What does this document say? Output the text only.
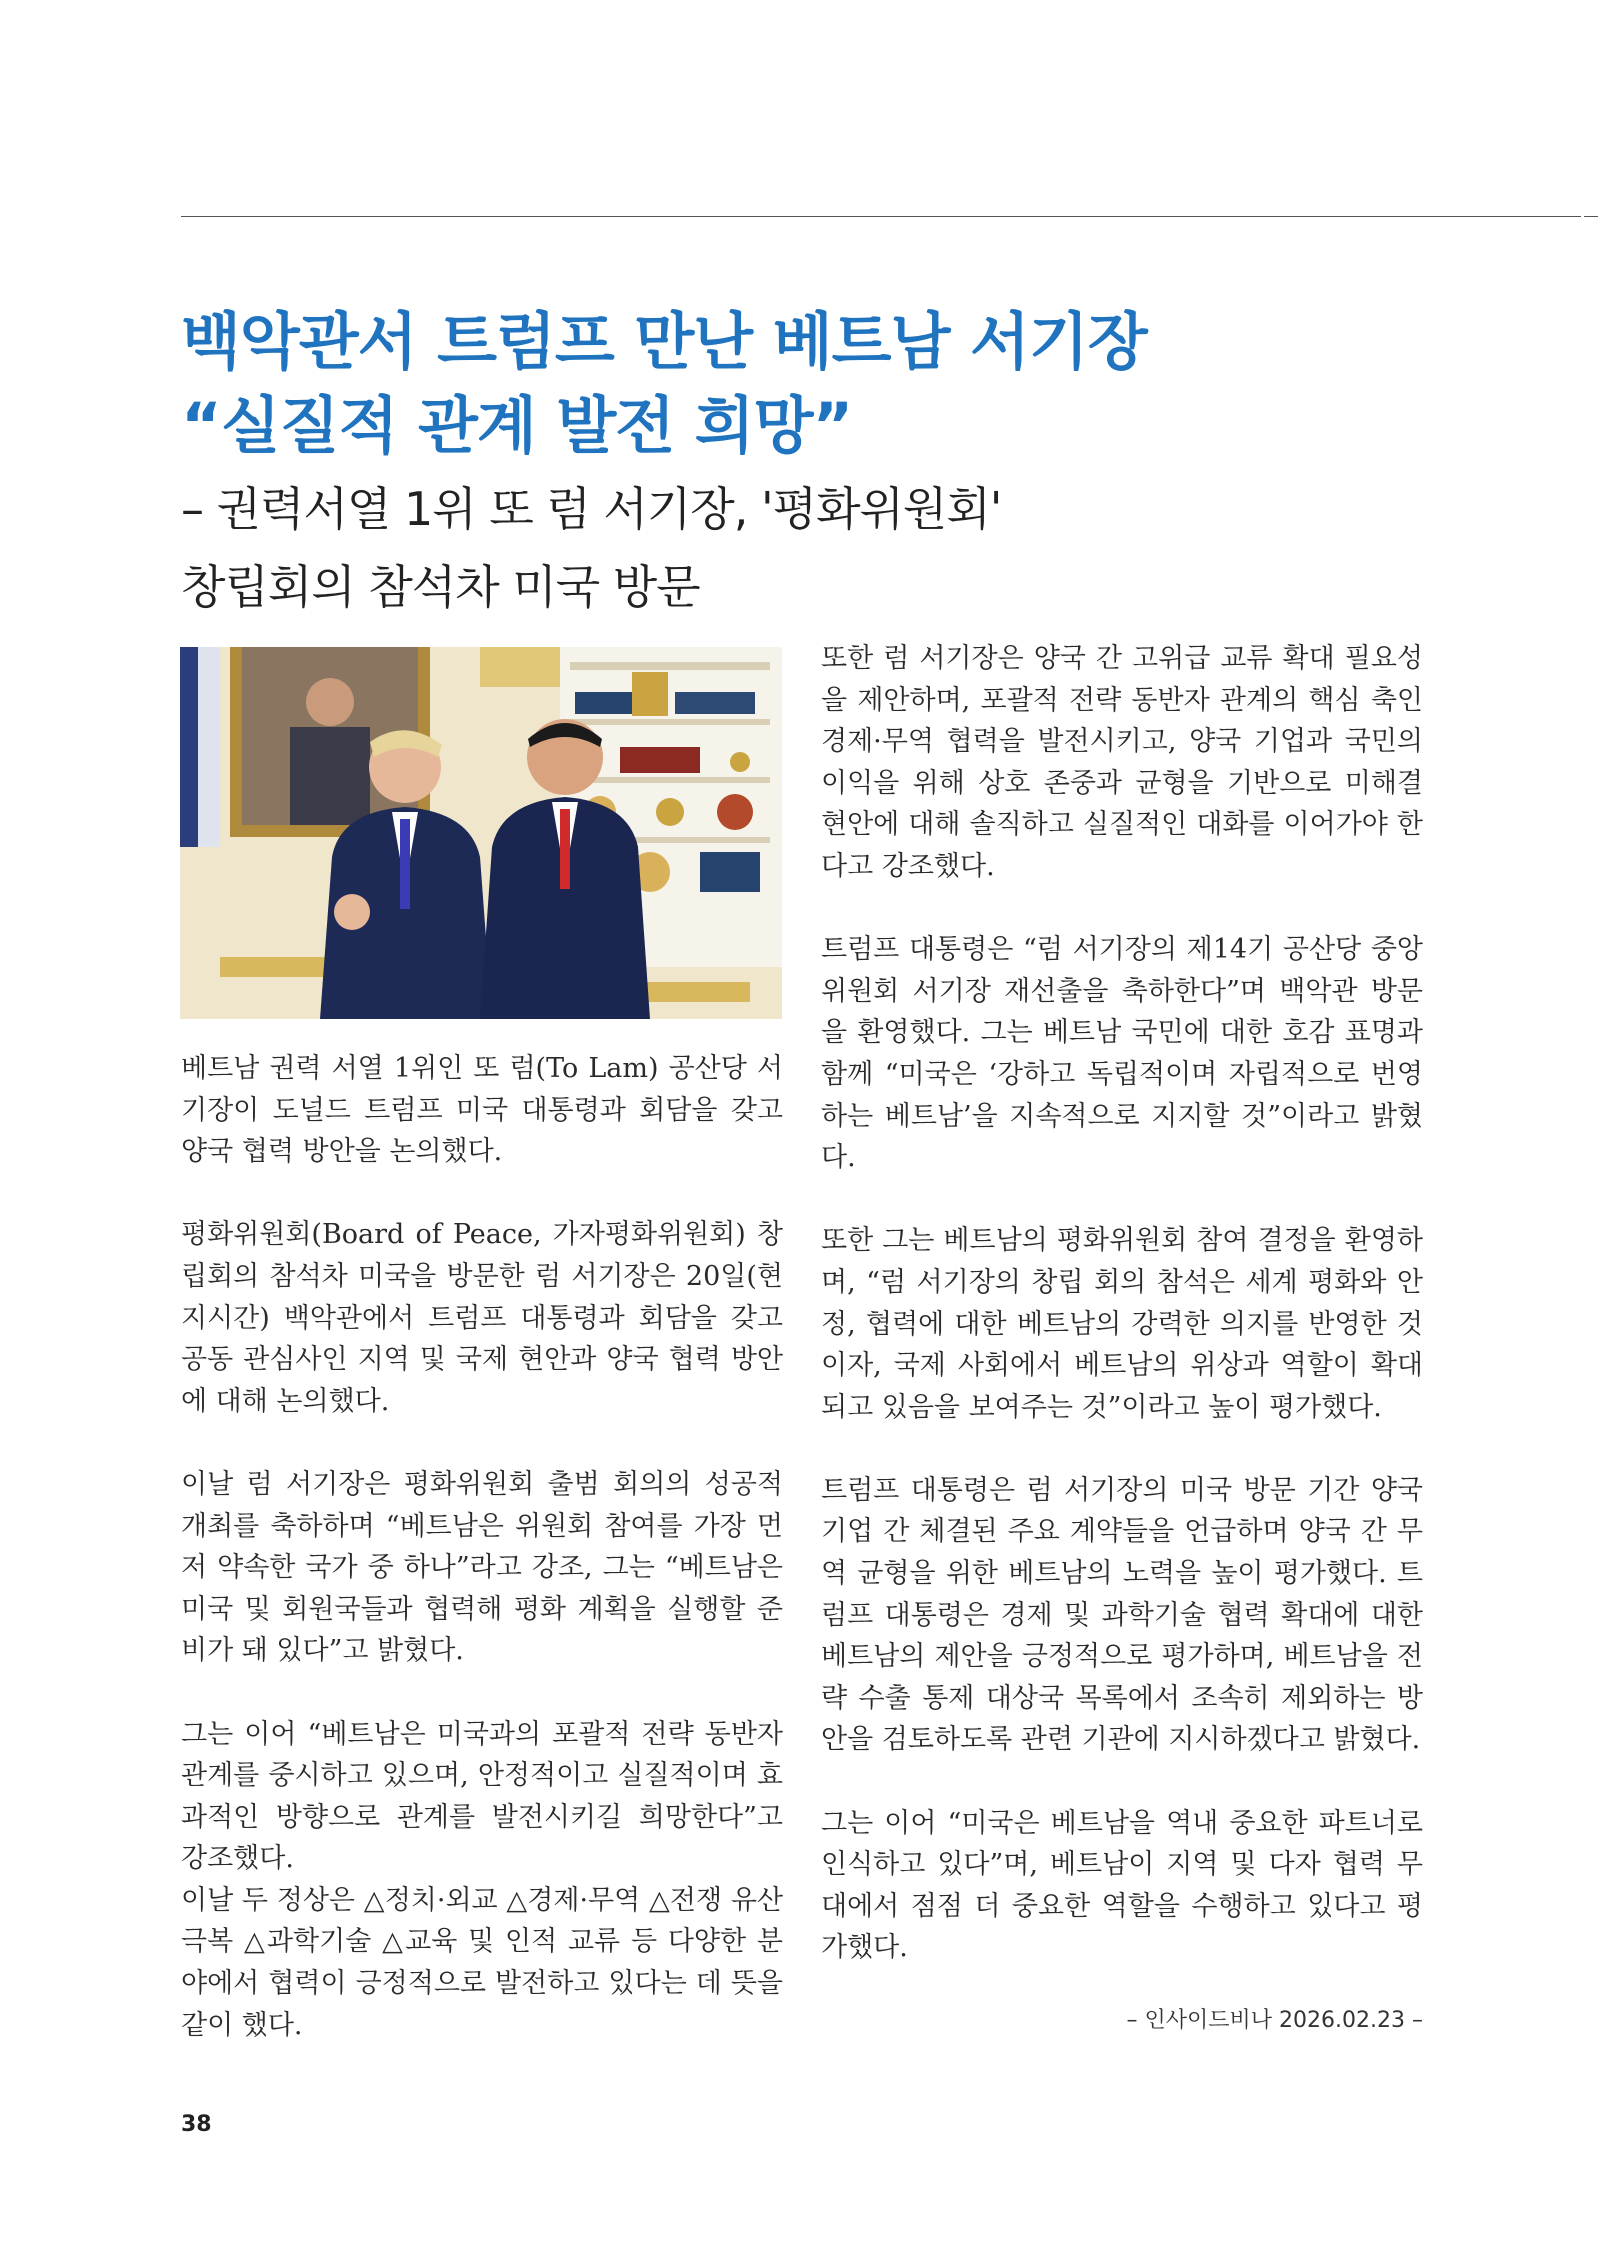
백악관서 트럼프 만난 베트남 서기장
“실질적 관계 발전 희망”
– 권력서열 1위 또 럼 서기장, '평화위원회'
창립회의 참석차 미국 방문

베트남 권력 서열 1위인 또 럼(To Lam) 공산당 서기장이 도널드 트럼프 미국 대통령과 회담을 갖고 양국 협력 방안을 논의했다.

평화위원회(Board of Peace, 가자평화위원회) 창립회의 참석차 미국을 방문한 럼 서기장은 20일(현지시간) 백악관에서 트럼프 대통령과 회담을 갖고 공동 관심사인 지역 및 국제 현안과 양국 협력 방안에 대해 논의했다.

이날 럼 서기장은 평화위원회 출범 회의의 성공적 개최를 축하하며 “베트남은 위원회 참여를 가장 먼저 약속한 국가 중 하나”라고 강조, 그는 “베트남은 미국 및 회원국들과 협력해 평화 계획을 실행할 준비가 돼 있다”고 밝혔다.

그는 이어 “베트남은 미국과의 포괄적 전략 동반자 관계를 중시하고 있으며, 안정적이고 실질적이며 효과적인 방향으로 관계를 발전시키길 희망한다”고 강조했다.

이날 두 정상은 △정치·외교 △경제·무역 △전쟁 유산 극복 △과학기술 △교육 및 인적 교류 등 다양한 분야에서 협력이 긍정적으로 발전하고 있다는 데 뜻을 같이 했다.

또한 럼 서기장은 양국 간 고위급 교류 확대 필요성을 제안하며, 포괄적 전략 동반자 관계의 핵심 축인 경제·무역 협력을 발전시키고, 양국 기업과 국민의 이익을 위해 상호 존중과 균형을 기반으로 미해결 현안에 대해 솔직하고 실질적인 대화를 이어가야 한다고 강조했다.

트럼프 대통령은 “럼 서기장의 제14기 공산당 중앙위원회 서기장 재선출을 축하한다”며 백악관 방문을 환영했다. 그는 베트남 국민에 대한 호감 표명과 함께 “미국은 ‘강하고 독립적이며 자립적으로 번영하는 베트남’을 지속적으로 지지할 것”이라고 밝혔다.

또한 그는 베트남의 평화위원회 참여 결정을 환영하며, “럼 서기장의 창립 회의 참석은 세계 평화와 안정, 협력에 대한 베트남의 강력한 의지를 반영한 것이자, 국제 사회에서 베트남의 위상과 역할이 확대되고 있음을 보여주는 것”이라고 높이 평가했다.

트럼프 대통령은 럼 서기장의 미국 방문 기간 양국 기업 간 체결된 주요 계약들을 언급하며 양국 간 무역 균형을 위한 베트남의 노력을 높이 평가했다. 트럼프 대통령은 경제 및 과학기술 협력 확대에 대한 베트남의 제안을 긍정적으로 평가하며, 베트남을 전략 수출 통제 대상국 목록에서 조속히 제외하는 방안을 검토하도록 관련 기관에 지시하겠다고 밝혔다.

그는 이어 “미국은 베트남을 역내 중요한 파트너로 인식하고 있다”며, 베트남이 지역 및 다자 협력 무대에서 점점 더 중요한 역할을 수행하고 있다고 평가했다.

– 인사이드비나 2026.02.23 –
38
